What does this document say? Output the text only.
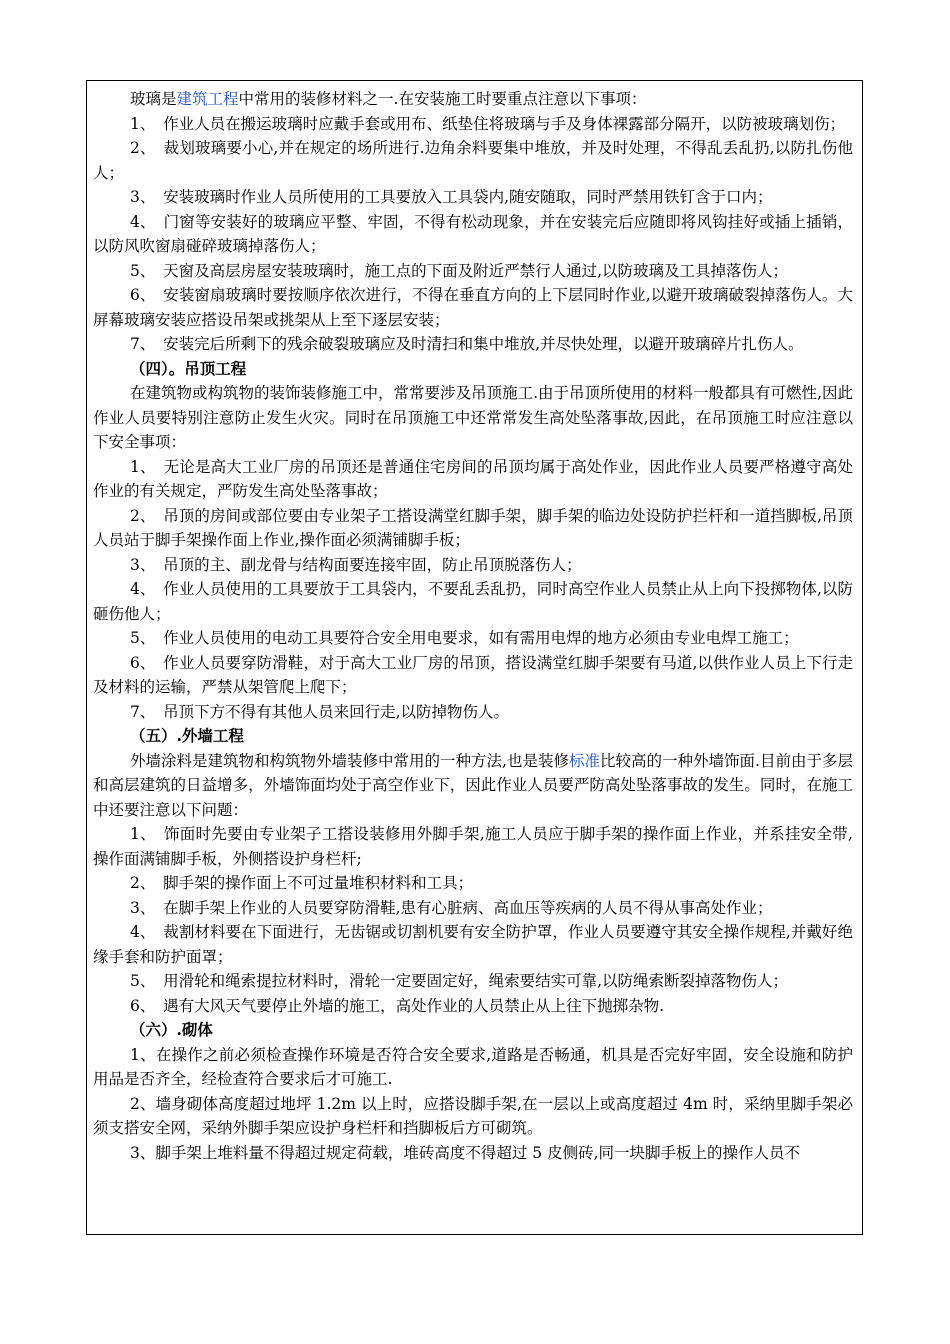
玻璃是建筑工程中常用的装修材料之一.在安装施工时要重点注意以下事项：

1、　作业人员在搬运玻璃时应戴手套或用布、纸垫住将玻璃与手及身体裸露部分隔开，以防被玻璃划伤；

2、　裁划玻璃要小心,并在规定的场所进行.边角余料要集中堆放，并及时处理，不得乱丢乱扔,以防扎伤他人；

3、　安装玻璃时作业人员所使用的工具要放入工具袋内,随安随取，同时严禁用铁钉含于口内；

4、　门窗等安装好的玻璃应平整、牢固，不得有松动现象，并在安装完后应随即将风钩挂好或插上插销，以防风吹窗扇碰碎玻璃掉落伤人；

5、　天窗及高层房屋安装玻璃时，施工点的下面及附近严禁行人通过,以防玻璃及工具掉落伤人；

6、　安装窗扇玻璃时要按顺序依次进行，不得在垂直方向的上下层同时作业,以避开玻璃破裂掉落伤人。大屏幕玻璃安装应搭设吊架或挑架从上至下逐层安装；

7、　安装完后所剩下的残余破裂玻璃应及时清扫和集中堆放,并尽快处理，以避开玻璃碎片扎伤人。

（四）。吊顶工程

在建筑物或构筑物的装饰装修施工中，常常要涉及吊顶施工.由于吊顶所使用的材料一般都具有可燃性,因此作业人员要特别注意防止发生火灾。同时在吊顶施工中还常常发生高处坠落事故,因此，在吊顶施工时应注意以下安全事项：

1、　无论是高大工业厂房的吊顶还是普通住宅房间的吊顶均属于高处作业，因此作业人员要严格遵守高处作业的有关规定，严防发生高处坠落事故；

2、　吊顶的房间或部位要由专业架子工搭设满堂红脚手架，脚手架的临边处设防护拦杆和一道挡脚板,吊顶人员站于脚手架操作面上作业,操作面必须满铺脚手板；

3、　吊顶的主、副龙骨与结构面要连接牢固，防止吊顶脱落伤人；

4、　作业人员使用的工具要放于工具袋内，不要乱丢乱扔，同时高空作业人员禁止从上向下投掷物体,以防砸伤他人；

5、　作业人员使用的电动工具要符合安全用电要求，如有需用电焊的地方必须由专业电焊工施工；

6、　作业人员要穿防滑鞋，对于高大工业厂房的吊顶，搭设满堂红脚手架要有马道,以供作业人员上下行走及材料的运输，严禁从架管爬上爬下；

7、　吊顶下方不得有其他人员来回行走,以防掉物伤人。

（五）.外墙工程

外墙涂料是建筑物和构筑物外墙装修中常用的一种方法,也是装修标准比较高的一种外墙饰面.目前由于多层和高层建筑的日益增多，外墙饰面均处于高空作业下，因此作业人员要严防高处坠落事故的发生。同时，在施工中还要注意以下问题：

1、　饰面时先要由专业架子工搭设装修用外脚手架,施工人员应于脚手架的操作面上作业，并系挂安全带,操作面满铺脚手板，外侧搭设护身栏杆;

2、　脚手架的操作面上不可过量堆积材料和工具；

3、　在脚手架上作业的人员要穿防滑鞋,患有心脏病、高血压等疾病的人员不得从事高处作业；

4、　裁割材料要在下面进行，无齿锯或切割机要有安全防护罩，作业人员要遵守其安全操作规程,并戴好绝缘手套和防护面罩；

5、　用滑轮和绳索提拉材料时，滑轮一定要固定好，绳索要结实可靠,以防绳索断裂掉落物伤人；

6、　遇有大风天气要停止外墙的施工，高处作业的人员禁止从上往下抛掷杂物.

（六）.砌体

1、在操作之前必须检查操作环境是否符合安全要求,道路是否畅通，机具是否完好牢固，安全设施和防护用品是否齐全，经检查符合要求后才可施工.

2、墙身砌体高度超过地坪 1.2m 以上时，应搭设脚手架,在一层以上或高度超过 4m 时，采纳里脚手架必须支搭安全网，采纳外脚手架应设护身栏杆和挡脚板后方可砌筑。

3、脚手架上堆料量不得超过规定荷载，堆砖高度不得超过 5 皮侧砖,同一块脚手板上的操作人员不
